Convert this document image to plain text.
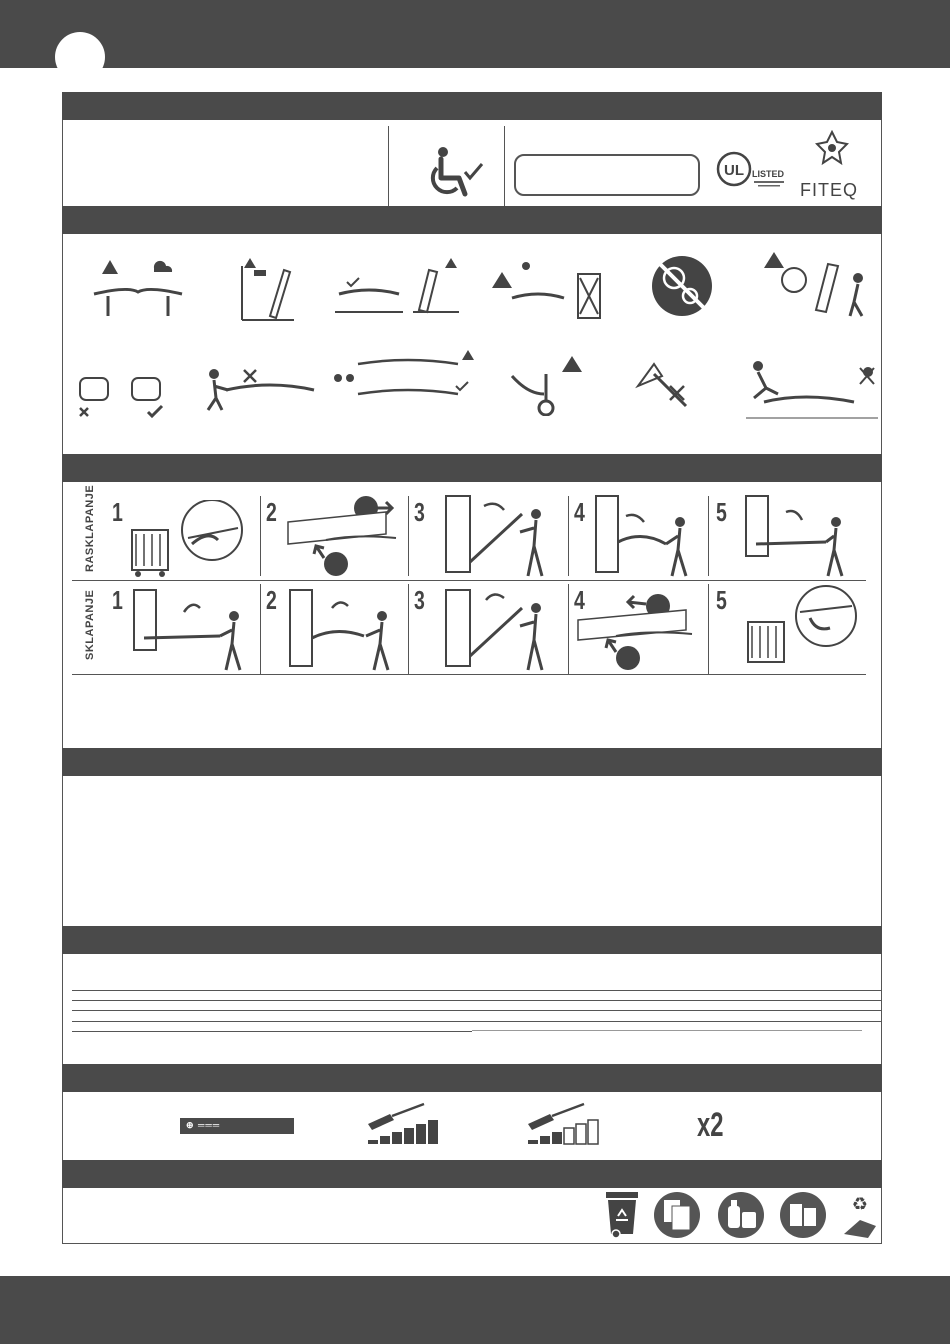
UL LISTED
FITEQ
RASKLAPANJE
SKLAPANJE
1	2	3	4	5
1	2	3	4	5
⊕ ═══	x2
♻
